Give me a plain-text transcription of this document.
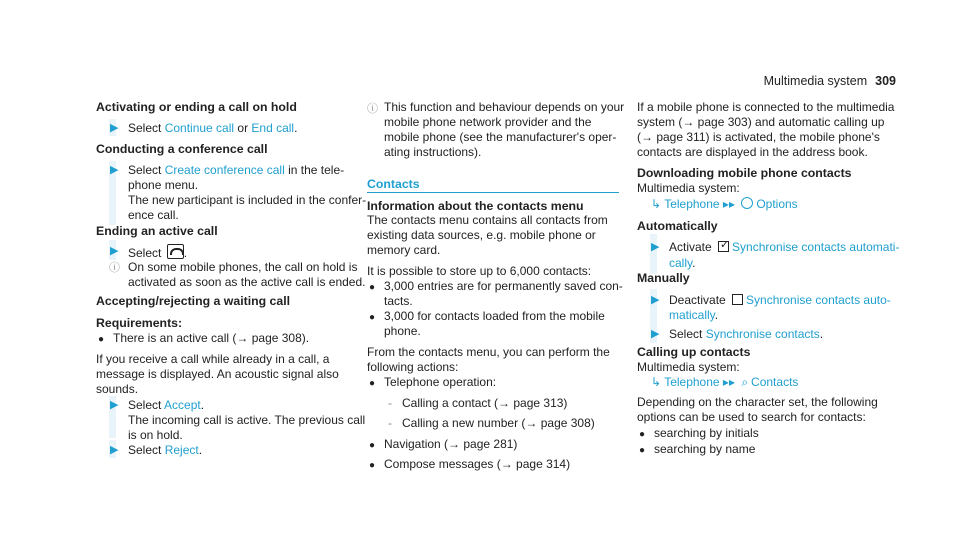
Multimedia system 309
Activating or ending a call on hold
▶ Select Continue call or End call.
Conducting a conference call
▶ Select Create conference call in the tele-
phone menu.
The new participant is included in the confer-
ence call.
Ending an active call
▶ Select .
ⓘ On some mobile phones, the call on hold is
activated as soon as the active call is ended.
Accepting/rejecting a waiting call
Requirements:
● There is an active call (→ page 308).
If you receive a call while already in a call, a
message is displayed. An acoustic signal also
sounds.
▶ Select Accept.
The incoming call is active. The previous call
is on hold.
▶ Select Reject.
ⓘ This function and behaviour depends on your
mobile phone network provider and the
mobile phone (see the manufacturer's oper-
ating instructions).
Contacts
Information about the contacts menu
The contacts menu contains all contacts from
existing data sources, e.g. mobile phone or
memory card.
It is possible to store up to 6,000 contacts:
● 3,000 entries are for permanently saved con-
tacts.
● 3,000 for contacts loaded from the mobile
phone.
From the contacts menu, you can perform the
following actions:
● Telephone operation:
- Calling a contact (→ page 313)
- Calling a new number (→ page 308)
● Navigation (→ page 281)
● Compose messages (→ page 314)
If a mobile phone is connected to the multimedia
system (→ page 303) and automatic calling up
(→ page 311) is activated, the mobile phone's
contacts are displayed in the address book.
Downloading mobile phone contacts
Multimedia system:
↳ Telephone ▸▸ Options
Automatically
▶ Activate ✓ Synchronise contacts automati-
cally.
Manually
▶ Deactivate Synchronise contacts auto-
matically.
▶ Select Synchronise contacts.
Calling up contacts
Multimedia system:
↳ Telephone ▸▸ ⌕ Contacts
Depending on the character set, the following
options can be used to search for contacts:
● searching by initials
● searching by name
